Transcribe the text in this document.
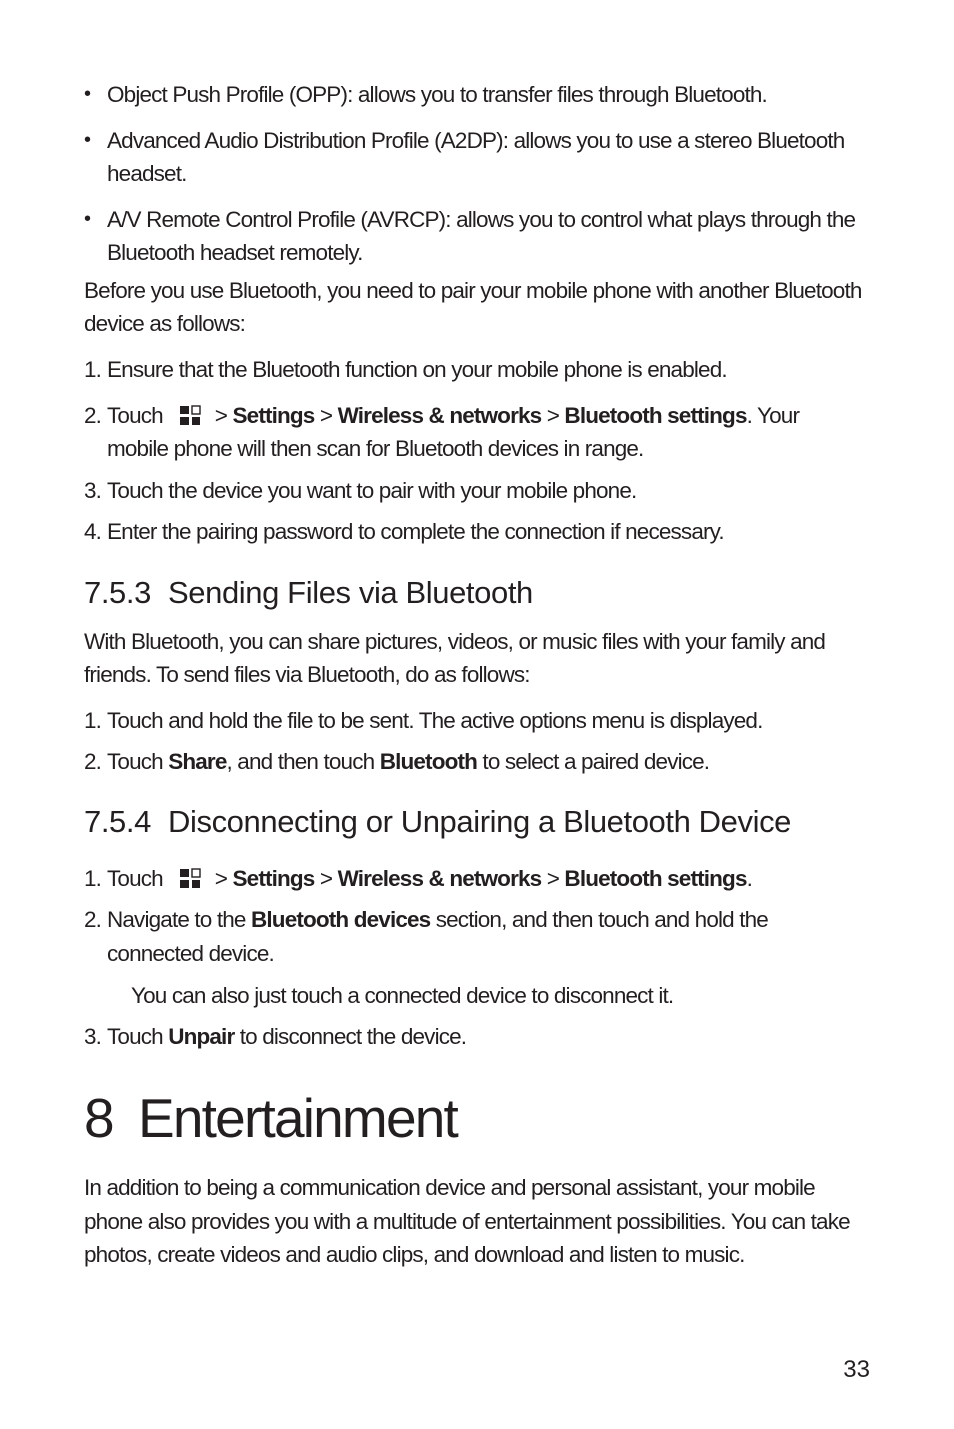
• Object Push Profile (OPP): allows you to transfer files through Bluetooth.
• Advanced Audio Distribution Profile (A2DP): allows you to use a stereo Bluetooth
headset.
• A/V Remote Control Profile (AVRCP): allows you to control what plays through the
Bluetooth headset remotely.
Before you use Bluetooth, you need to pair your mobile phone with another Bluetooth
device as follows:
1. Ensure that the Bluetooth function on your mobile phone is enabled.
2. Touch > Settings > Wireless & networks > Bluetooth settings. Your
mobile phone will then scan for Bluetooth devices in range.
3. Touch the device you want to pair with your mobile phone.
4. Enter the pairing password to complete the connection if necessary.
7.5.3 Sending Files via Bluetooth
With Bluetooth, you can share pictures, videos, or music files with your family and
friends. To send files via Bluetooth, do as follows:
1. Touch and hold the file to be sent. The active options menu is displayed.
2. Touch Share, and then touch Bluetooth to select a paired device.
7.5.4 Disconnecting or Unpairing a Bluetooth Device
1. Touch > Settings > Wireless & networks > Bluetooth settings.
2. Navigate to the Bluetooth devices section, and then touch and hold the
connected device.
You can also just touch a connected device to disconnect it.
3. Touch Unpair to disconnect the device.
8 Entertainment
In addition to being a communication device and personal assistant, your mobile
phone also provides you with a multitude of entertainment possibilities. You can take
photos, create videos and audio clips, and download and listen to music.
33
